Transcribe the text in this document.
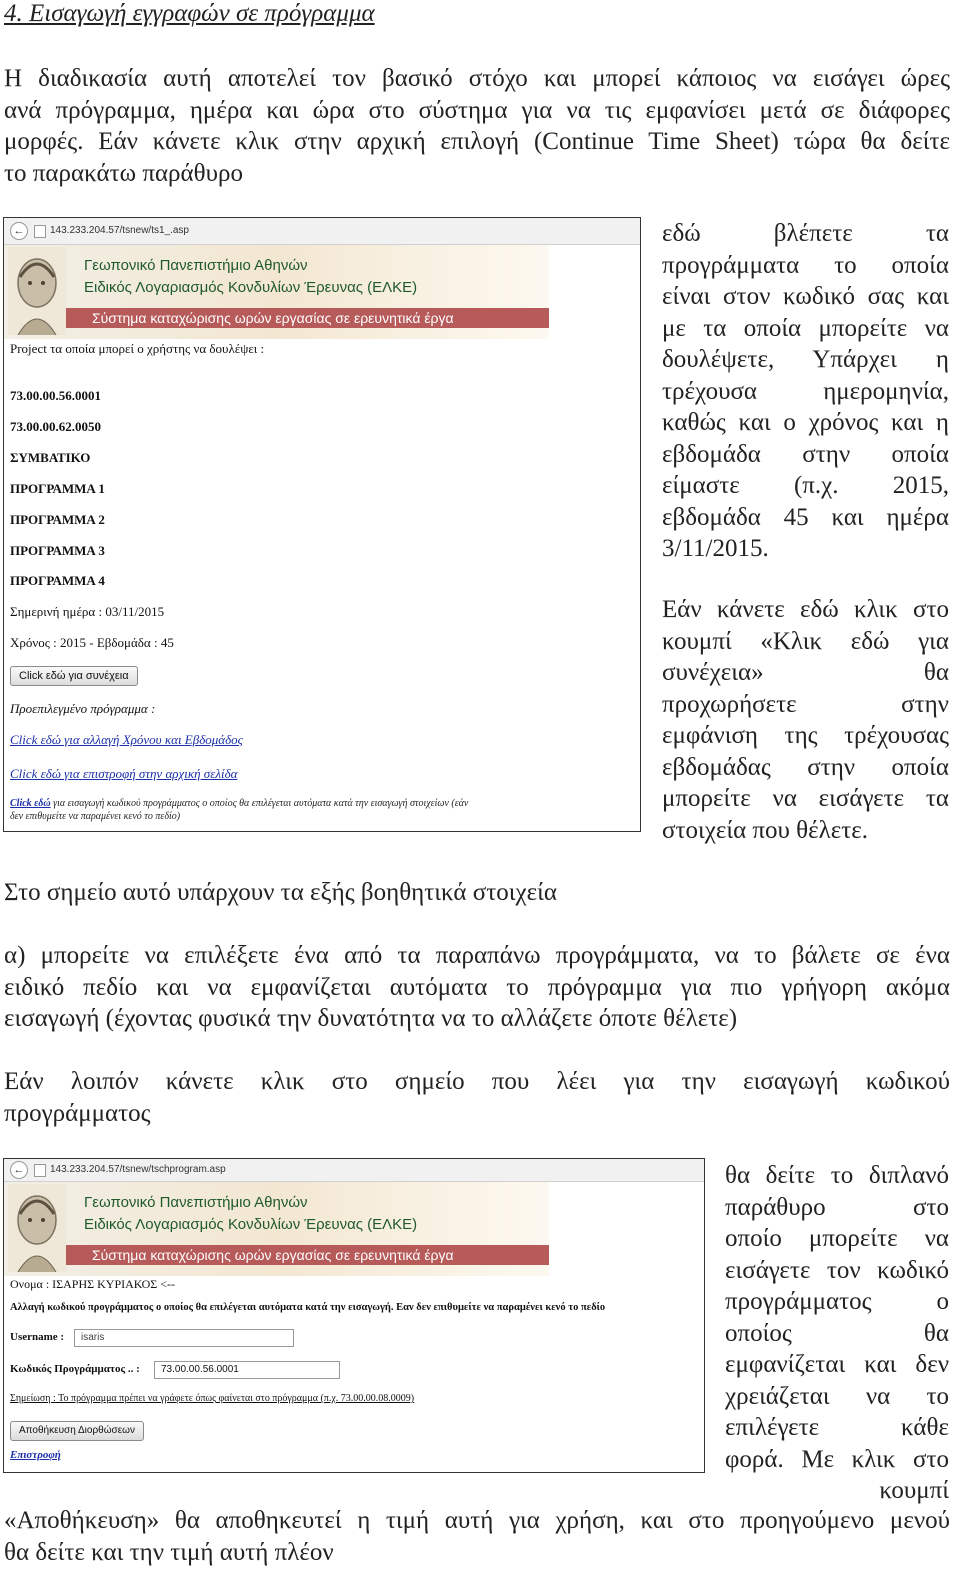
4. Εισαγωγή εγγραφών σε πρόγραμμα
Η διαδικασία αυτή αποτελεί τον βασικό στόχο και μπορεί κάποιος να εισάγει ώρες
ανά πρόγραμμα, ημέρα και ώρα στο σύστημα για να τις εμφανίσει μετά σε διάφορες
μορφές. Εάν κάνετε κλικ στην αρχική επιλογή (Continue Time Sheet) τώρα θα δείτε
το παρακάτω παράθυρο
←	143.233.204.57/tsnew/ts1_.asp
Γεωπονικό Πανεπιστήμιο Αθηνών
Ειδικός Λογαριασμός Κονδυλίων Έρευνας (ΕΛΚΕ)
Σύστημα καταχώρισης ωρών εργασίας σε ερευνητικά έργα
Project τα οποία μπορεί ο χρήστης να δουλέψει :
73.00.00.56.0001
73.00.00.62.0050
ΣΥΜΒΑΤΙΚΟ
ΠΡΟΓΡΑΜΜΑ 1
ΠΡΟΓΡΑΜΜΑ 2
ΠΡΟΓΡΑΜΜΑ 3
ΠΡΟΓΡΑΜΜΑ 4
Σημερινή ημέρα : 03/11/2015
Χρόνος : 2015 - Εβδομάδα : 45
Click εδώ για συνέχεια
Προεπιλεγμένο πρόγραμμα :
Click εδώ για αλλαγή Χρόνου και Εβδομάδος
Click εδώ για επιστροφή στην αρχική σελίδα
Click εδώ για εισαγωγή κωδικού προγράμματος ο οποίος θα επιλέγεται αυτόματα κατά την εισαγωγή στοιχείων (εάν
δεν επιθυμείτε να παραμένει κενό το πεδίο)
εδώ βλέπετε τα
προγράμματα το οποία
είναι στον κωδικό σας και
με τα οποία μπορείτε να
δουλέψετε, Υπάρχει η
τρέχουσα ημερομηνία,
καθώς και ο χρόνος και η
εβδομάδα στην οποία
είμαστε (π.χ. 2015,
εβδομάδα 45 και ημέρα
3/11/2015.
Εάν κάνετε εδώ κλικ στο
κουμπί «Κλικ εδώ για
συνέχεια» θα
προχωρήσετε στην
εμφάνιση της τρέχουσας
εβδομάδας στην οποία
μπορείτε να εισάγετε τα
στοιχεία που θέλετε.
Στο σημείο αυτό υπάρχουν τα εξής βοηθητικά στοιχεία
α) μπορείτε να επιλέξετε ένα από τα παραπάνω προγράμματα, να το βάλετε σε ένα
ειδικό πεδίο και να εμφανίζεται αυτόματα το πρόγραμμα για πιο γρήγορη ακόμα
εισαγωγή (έχοντας φυσικά την δυνατότητα να το αλλάζετε όποτε θέλετε)
Εάν λοιπόν κάνετε κλικ στο σημείο που λέει για την εισαγωγή κωδικού
προγράμματος
←	143.233.204.57/tsnew/tschprogram.asp
Γεωπονικό Πανεπιστήμιο Αθηνών
Ειδικός Λογαριασμός Κονδυλίων Έρευνας (ΕΛΚΕ)
Σύστημα καταχώρισης ωρών εργασίας σε ερευνητικά έργα
Ονομα : ΙΣΑΡΗΣ ΚΥΡΙΑΚΟΣ <--
Αλλαγή κωδικού προγράμματος ο οποίος θα επιλέγεται αυτόματα κατά την εισαγωγή. Εαν δεν επιθυμείτε να παραμένει κενό το πεδίο
Username :	isaris
Κωδικός Προγράμματος .. :	73.00.00.56.0001
Σημείωση : Το πρόγραμμα πρέπει να γράφετε όπως φαίνεται στο πρόγραμμα (π.χ. 73.00.00.08.0009)
Αποθήκευση Διορθώσεων
Επιστροφή
θα δείτε το διπλανό
παράθυρο στο
οποίο μπορείτε να
εισάγετε τον κωδικό
προγράμματος ο
οποίος θα
εμφανίζεται και δεν
χρειάζεται να το
επιλέγετε κάθε
φορά. Με κλικ στο
κουμπί
«Αποθήκευση» θα αποθηκευτεί η τιμή αυτή για χρήση, και στο προηγούμενο μενού
θα δείτε και την τιμή αυτή πλέον
